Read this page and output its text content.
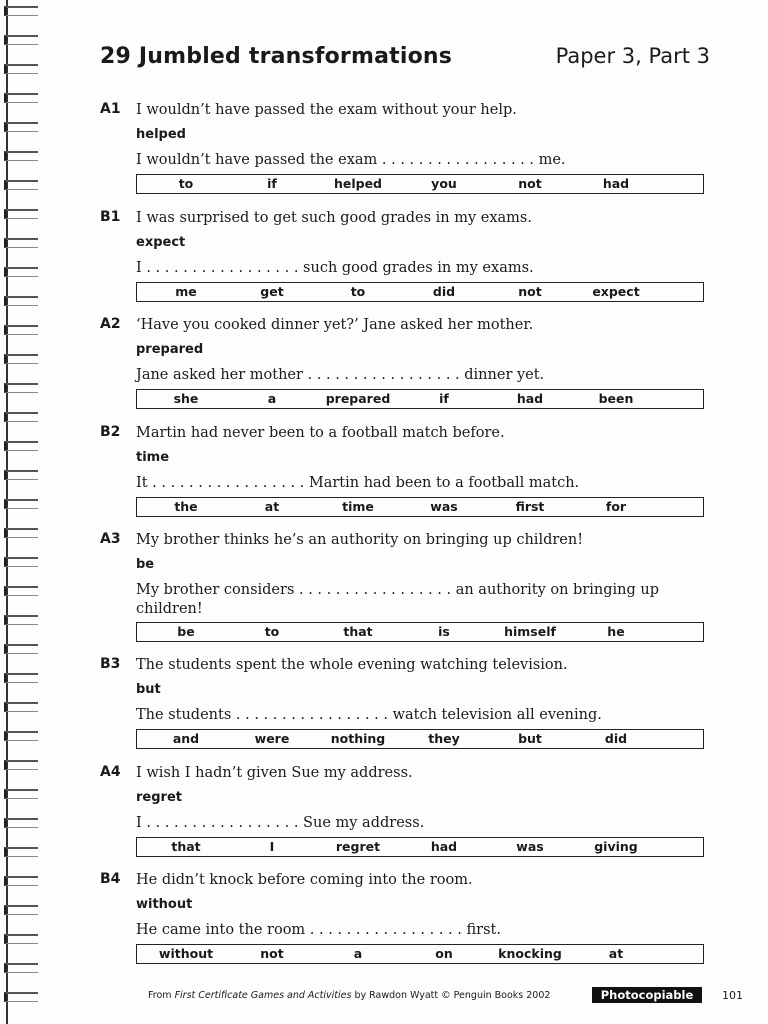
29 Jumbled transformations	Paper 3, Part 3
A1 I wouldn’t have passed the exam without your help.
helped
I wouldn’t have passed the exam . . . . . . . . . . . . . . . . . me.
to	if	helped	you	not	had
B1 I was surprised to get such good grades in my exams.
expect
I . . . . . . . . . . . . . . . . . such good grades in my exams.
me	get	to	did	not	expect
A2 ‘Have you cooked dinner yet?’ Jane asked her mother.
prepared
Jane asked her mother . . . . . . . . . . . . . . . . . dinner yet.
she	a	prepared	if	had	been
B2 Martin had never been to a football match before.
time
It . . . . . . . . . . . . . . . . . Martin had been to a football match.
the	at	time	was	first	for
A3 My brother thinks he’s an authority on bringing up children!
be
My brother considers . . . . . . . . . . . . . . . . . an authority on bringing up children!
be	to	that	is	himself	he
B3 The students spent the whole evening watching television.
but
The students . . . . . . . . . . . . . . . . . watch television all evening.
and	were	nothing	they	but	did
A4 I wish I hadn’t given Sue my address.
regret
I . . . . . . . . . . . . . . . . . Sue my address.
that	I	regret	had	was	giving
B4 He didn’t knock before coming into the room.
without
He came into the room . . . . . . . . . . . . . . . . . first.
without	not	a	on	knocking	at
From First Certificate Games and Activities by Rawdon Wyatt © Penguin Books 2002	Photocopiable	101
